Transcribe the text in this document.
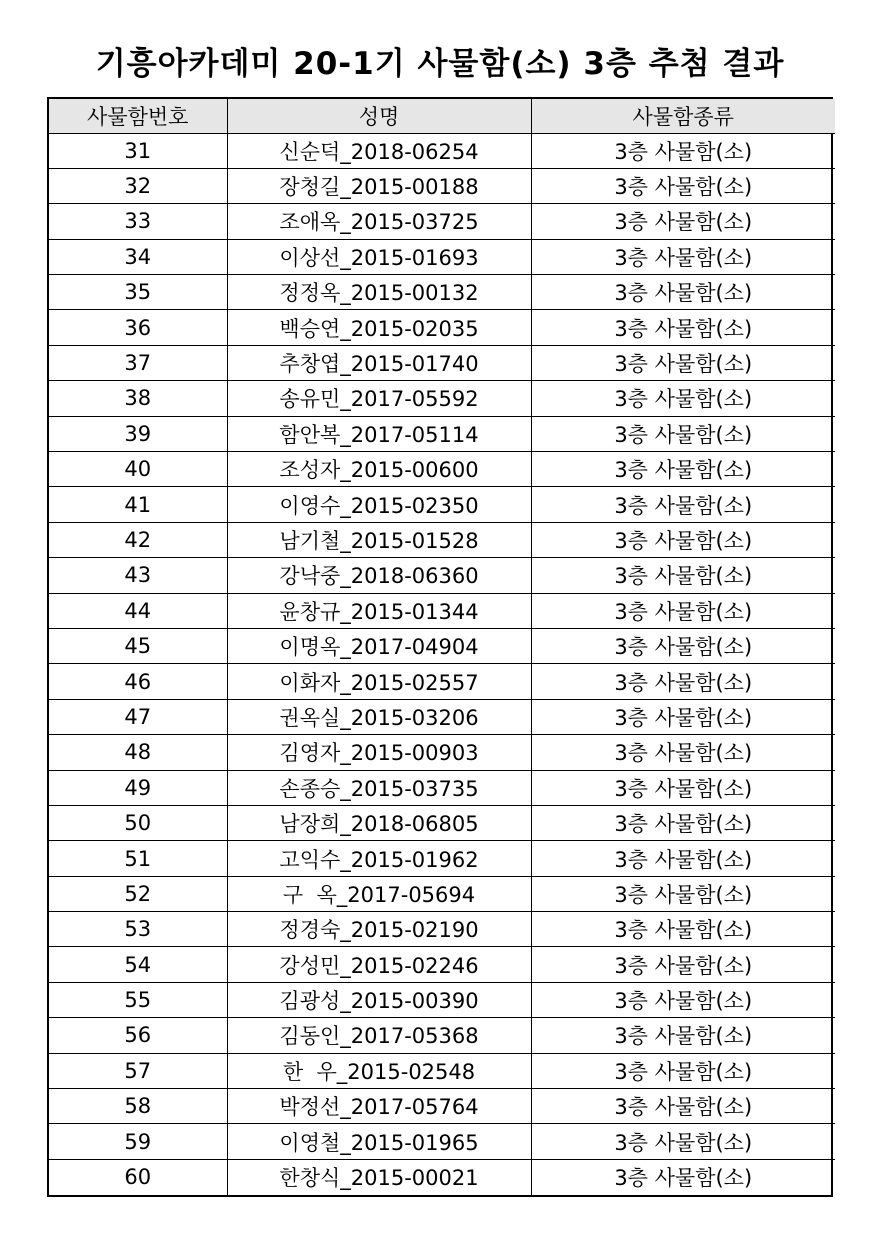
기흥아카데미 20-1기 사물함(소) 3층 추첨 결과
사물함번호	성명	사물함종류
31	신순덕_2018-06254	3층 사물함(소)
32	장청길_2015-00188	3층 사물함(소)
33	조애옥_2015-03725	3층 사물함(소)
34	이상선_2015-01693	3층 사물함(소)
35	정정옥_2015-00132	3층 사물함(소)
36	백승연_2015-02035	3층 사물함(소)
37	추창엽_2015-01740	3층 사물함(소)
38	송유민_2017-05592	3층 사물함(소)
39	함안복_2017-05114	3층 사물함(소)
40	조성자_2015-00600	3층 사물함(소)
41	이영수_2015-02350	3층 사물함(소)
42	남기철_2015-01528	3층 사물함(소)
43	강낙중_2018-06360	3층 사물함(소)
44	윤창규_2015-01344	3층 사물함(소)
45	이명옥_2017-04904	3층 사물함(소)
46	이화자_2015-02557	3층 사물함(소)
47	권옥실_2015-03206	3층 사물함(소)
48	김영자_2015-00903	3층 사물함(소)
49	손종승_2015-03735	3층 사물함(소)
50	남장희_2018-06805	3층 사물함(소)
51	고익수_2015-01962	3층 사물함(소)
52	구  옥_2017-05694	3층 사물함(소)
53	정경숙_2015-02190	3층 사물함(소)
54	강성민_2015-02246	3층 사물함(소)
55	김광성_2015-00390	3층 사물함(소)
56	김동인_2017-05368	3층 사물함(소)
57	한  우_2015-02548	3층 사물함(소)
58	박정선_2017-05764	3층 사물함(소)
59	이영철_2015-01965	3층 사물함(소)
60	한창식_2015-00021	3층 사물함(소)
